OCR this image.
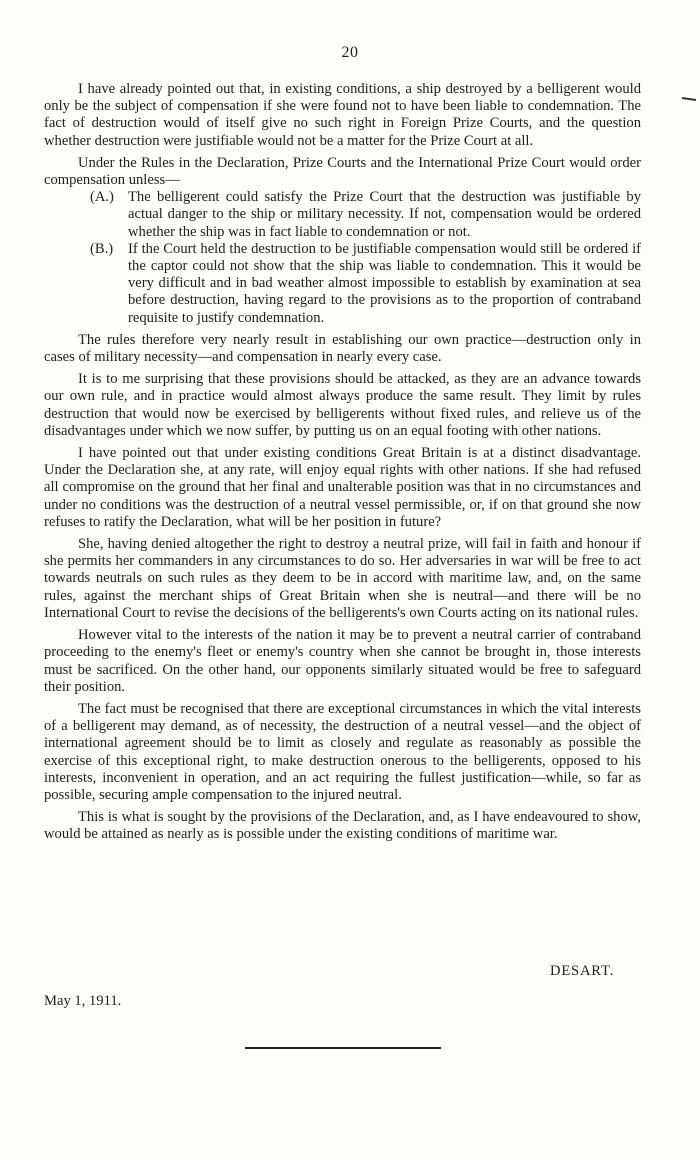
20

I have already pointed out that, in existing conditions, a ship destroyed by a belligerent would only be the subject of compensation if she were found not to have been liable to condemnation. The fact of destruction would of itself give no such right in Foreign Prize Courts, and the question whether destruction were justifiable would not be a matter for the Prize Court at all.

Under the Rules in the Declaration, Prize Courts and the International Prize Court would order compensation unless—

(A.) The belligerent could satisfy the Prize Court that the destruction was justifiable by actual danger to the ship or military necessity. If not, compensation would be ordered whether the ship was in fact liable to condemnation or not.
(B.)	If the Court held the destruction to be justifiable compensation would still be ordered if the captor could not show that the ship was liable to condemnation. This it would be very difficult and in bad weather almost impossible to establish by examination at sea before destruction, having regard to the provisions as to the proportion of contraband requisite to justify condemnation.

The rules therefore very nearly result in establishing our own practice—destruction only in cases of military necessity—and compensation in nearly every case.

It is to me surprising that these provisions should be attacked, as they are an advance towards our own rule, and in practice would almost always produce the same result. They limit by rules destruction that would now be exercised by belligerents without fixed rules, and relieve us of the disadvantages under which we now suffer, by putting us on an equal footing with other nations.

I have pointed out that under existing conditions Great Britain is at a distinct disadvantage. Under the Declaration she, at any rate, will enjoy equal rights with other nations. If she had refused all compromise on the ground that her final and unalterable position was that in no circumstances and under no conditions was the destruction of a neutral vessel permissible, or, if on that ground she now refuses to ratify the Declaration, what will be her position in future?

She, having denied altogether the right to destroy a neutral prize, will fail in faith and honour if she permits her commanders in any circumstances to do so. Her adversaries in war will be free to act towards neutrals on such rules as they deem to be in accord with maritime law, and, on the same rules, against the merchant ships of Great Britain when she is neutral—and there will be no International Court to revise the decisions of the belligerents's own Courts acting on its national rules.

However vital to the interests of the nation it may be to prevent a neutral carrier of contraband proceeding to the enemy's fleet or enemy's country when she cannot be brought in, those interests must be sacrificed. On the other hand, our opponents similarly situated would be free to safeguard their position.

The fact must be recognised that there are exceptional circumstances in which the vital interests of a belligerent may demand, as of necessity, the destruction of a neutral vessel—and the object of international agreement should be to limit as closely and regulate as reasonably as possible the exercise of this exceptional right, to make destruction onerous to the belligerents, opposed to his interests, inconvenient in operation, and an act requiring the fullest justification—while, so far as possible, securing ample compensation to the injured neutral.

This is what is sought by the provisions of the Declaration, and, as I have endeavoured to show, would be attained as nearly as is possible under the existing conditions of maritime war.

DESART.
May 1, 1911.
